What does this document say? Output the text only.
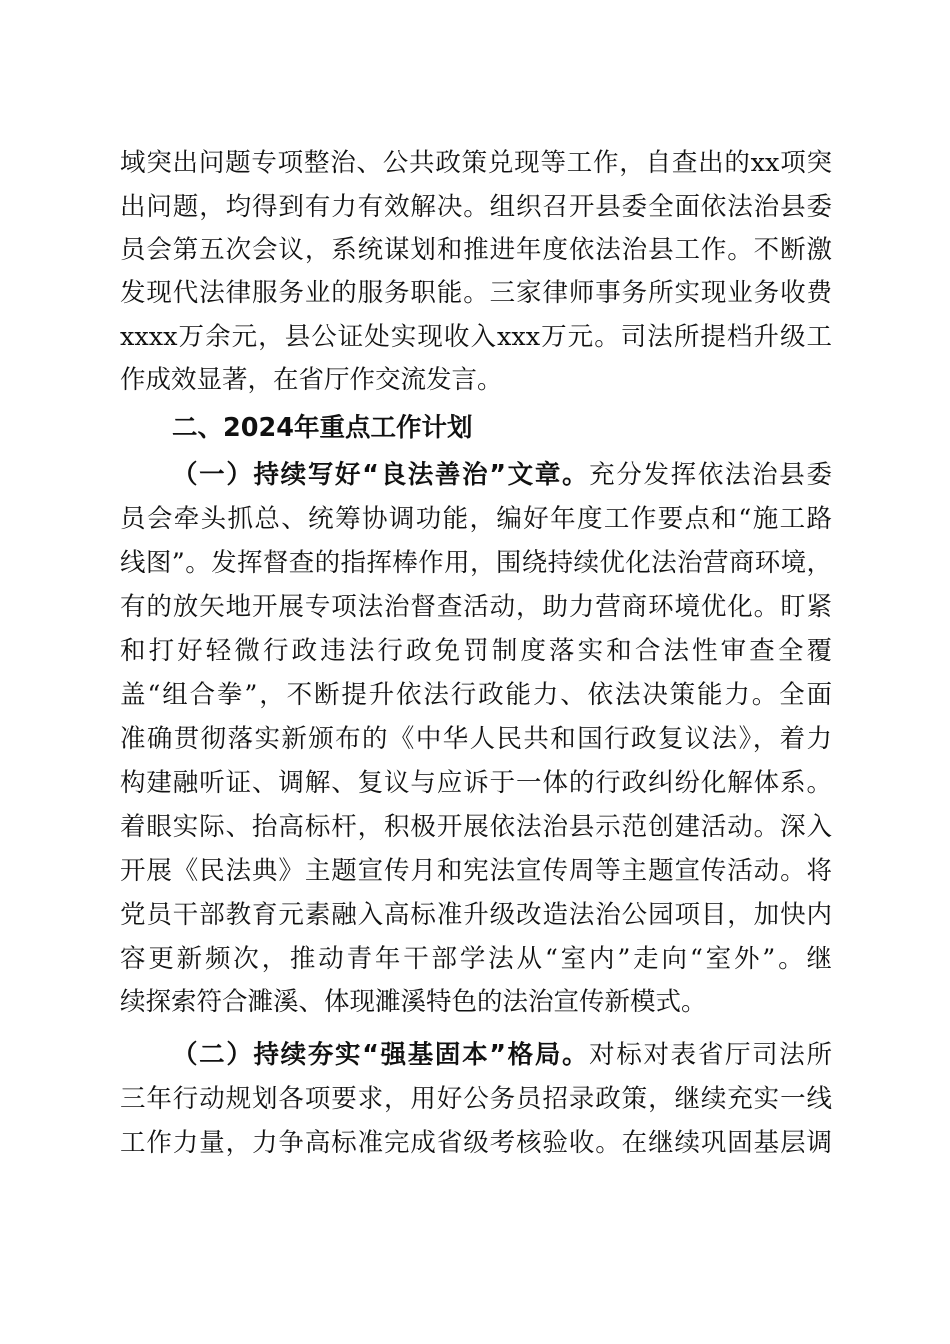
域突出问题专项整治、公共政策兑现等工作，自查出的xx项突
出问题，均得到有力有效解决。组织召开县委全面依法治县委
员会第五次会议，系统谋划和推进年度依法治县工作。不断激
发现代法律服务业的服务职能。三家律师事务所实现业务收费
xxxx万余元，县公证处实现收入xxx万元。司法所提档升级工
作成效显著，在省厅作交流发言。
二、2024年重点工作计划
（一）持续写好“良法善治”文章。充分发挥依法治县委
员会牵头抓总、统筹协调功能，编好年度工作要点和“施工路
线图”。发挥督查的指挥棒作用，围绕持续优化法治营商环境，
有的放矢地开展专项法治督查活动，助力营商环境优化。盯紧
和打好轻微行政违法行政免罚制度落实和合法性审查全覆
盖“组合拳”，不断提升依法行政能力、依法决策能力。全面
准确贯彻落实新颁布的《中华人民共和国行政复议法》，着力
构建融听证、调解、复议与应诉于一体的行政纠纷化解体系。
着眼实际、抬高标杆，积极开展依法治县示范创建活动。深入
开展《民法典》主题宣传月和宪法宣传周等主题宣传活动。将
党员干部教育元素融入高标准升级改造法治公园项目，加快内
容更新频次，推动青年干部学法从“室内”走向“室外”。继
续探索符合濉溪、体现濉溪特色的法治宣传新模式。
（二）持续夯实“强基固本”格局。对标对表省厅司法所
三年行动规划各项要求，用好公务员招录政策，继续充实一线
工作力量，力争高标准完成省级考核验收。在继续巩固基层调
